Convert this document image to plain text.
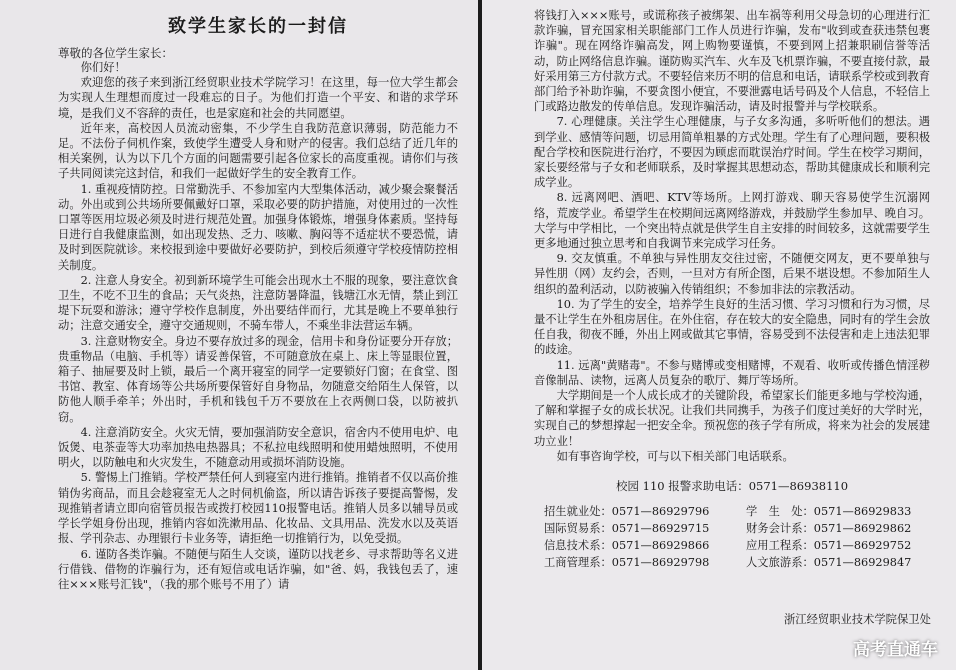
致学生家长的一封信

尊敬的各位学生家长：

你们好！

欢迎您的孩子来到浙江经贸职业技术学院学习！在这里，每一位大学生都会为实现人生理想而度过一段难忘的日子。为他们打造一个平安、和谐的求学环境，是我们义不容辞的责任，也是家庭和社会的共同愿望。

近年来，高校因人员流动密集，不少学生自我防范意识薄弱，防范能力不足。不法份子伺机作案，致使学生遭受人身和财产的侵害。我们总结了近几年的相关案例，认为以下几个方面的问题需要引起各位家长的高度重视。请你们与孩子共同阅读完这封信，和我们一起做好学生的安全教育工作。

1. 重视疫情防控。日常勤洗手、不参加室内大型集体活动，减少聚会聚餐活动。外出或到公共场所要佩戴好口罩，采取必要的防护措施，对使用过的一次性口罩等医用垃圾必须及时进行规范处置。加强身体锻炼，增强身体素质。坚持每日进行自我健康监测，如出现发热、乏力、咳嗽、胸闷等不适症状不要恐慌，请及时到医院就诊。来校报到途中要做好必要防护，到校后须遵守学校疫情防控相关制度。

2. 注意人身安全。初到新环境学生可能会出现水土不服的现象，要注意饮食卫生，不吃不卫生的食品；天气炎热，注意防暑降温，钱塘江水无情，禁止到江堤下玩耍和游泳；遵守学校作息制度，外出要结伴而行，尤其是晚上不要单独行动；注意交通安全，遵守交通规则，不骑车带人，不乘坐非法营运车辆。

3. 注意财物安全。身边不要存放过多的现金，信用卡和身份证要分开存放；贵重物品（电脑、手机等）请妥善保管，不可随意放在桌上、床上等显眼位置，箱子、抽屉要及时上锁，最后一个离开寝室的同学一定要锁好门窗；在食堂、图书馆、教室、体育场等公共场所要保管好自身物品，勿随意交给陌生人保管，以防他人顺手牵羊；外出时，手机和钱包千万不要放在上衣两侧口袋，以防被扒窃。

4. 注意消防安全。火灾无情，要加强消防安全意识，宿舍内不使用电炉、电饭煲、电茶壶等大功率加热电热器具；不私拉电线照明和使用蜡烛照明，不使用明火，以防触电和火灾发生，不随意动用或损坏消防设施。

5. 警惕上门推销。学校严禁任何人到寝室内进行推销。推销者不仅以高价推销伪劣商品，而且会趁寝室无人之时伺机偷盗，所以请告诉孩子要提高警惕，发现推销者请立即向宿管员报告或拨打校园110报警电话。推销人员多以辅导员或学长学姐身份出现，推销内容如洗漱用品、化妆品、文具用品、洗发水以及英语报、学刊杂志、办理银行卡业务等，请拒绝一切推销行为，以免受损。

6. 谨防各类诈骗。不随便与陌生人交谈，谨防以找老乡、寻求帮助等名义进行借钱、借物的诈骗行为，还有短信或电话诈骗，如"爸、妈，我钱包丢了，速往×××账号汇钱"，（我的那个账号不用了）请

将钱打入×××账号，或谎称孩子被绑架、出车祸等利用父母急切的心理进行汇款诈骗，冒充国家相关职能部门工作人员进行诈骗，发布"收到或查获违禁包裹诈骗"。现在网络诈骗高发，网上购物要谨慎，不要到网上招兼职刷信誉等活动，防止网络信息诈骗。谨防购买汽车、火车及飞机票诈骗，不要直接付款，最好采用第三方付款方式。不要轻信来历不明的信息和电话，请联系学校或到教育部门给予补助诈骗，不要贪图小便宜，不要泄露电话号码及个人信息，不轻信上门或路边散发的传单信息。发现诈骗活动，请及时报警并与学校联系。

7. 心理健康。关注学生心理健康，与子女多沟通，多听听他们的想法。遇到学业、感情等问题，切忌用简单粗暴的方式处理。学生有了心理问题，要积极配合学校和医院进行治疗，不要因为顾虑而耽误治疗时间。学生在校学习期间，家长要经常与子女和老师联系，及时掌握其思想动态，帮助其健康成长和顺利完成学业。

8. 远离网吧、酒吧、KTV等场所。上网打游戏、聊天容易使学生沉溺网络，荒废学业。希望学生在校期间远离网络游戏，并鼓励学生参加早、晚自习。大学与中学相比，一个突出特点就是供学生自主安排的时间较多，这就需要学生更多地通过独立思考和自我调节来完成学习任务。

9. 交友慎重。不单独与异性朋友交往过密，不随便交网友，更不要单独与异性朋（网）友约会，否则，一旦对方有所企图，后果不堪设想。不参加陌生人组织的盈利活动，以防被骗入传销组织；不参加非法的宗教活动。

10. 为了学生的安全，培养学生良好的生活习惯、学习习惯和行为习惯，尽量不让学生在外租房居住。在外住宿，存在较大的安全隐患，同时有的学生会放任自我，彻夜不睡，外出上网或做其它事情，容易受到不法侵害和走上违法犯罪的歧途。

11. 远离"黄赌毒"。不参与赌博或变相赌博，不观看、收听或传播色情淫秽音像制品、读物，远离人员复杂的歌厅、舞厅等场所。

大学期间是一个人成长成才的关键阶段，希望家长们能更多地与学校沟通，了解和掌握子女的成长状况。让我们共同携手，为孩子们度过美好的大学时光，实现自己的梦想撑起一把安全伞。预祝您的孩子学有所成，将来为社会的发展建功立业！

如有事咨询学校，可与以下相关部门电话联系。

校园 110 报警求助电话：0571—86938110
招生就业处： 0571—86929796	学　生　处： 0571—86929833
国际贸易系： 0571—86929715	财务会计系： 0571—86929862
信息技术系： 0571—86929866	应用工程系： 0571—86929752
工商管理系： 0571—86929798	人文旅游系： 0571—86929847
浙江经贸职业技术学院保卫处
高考直通车
